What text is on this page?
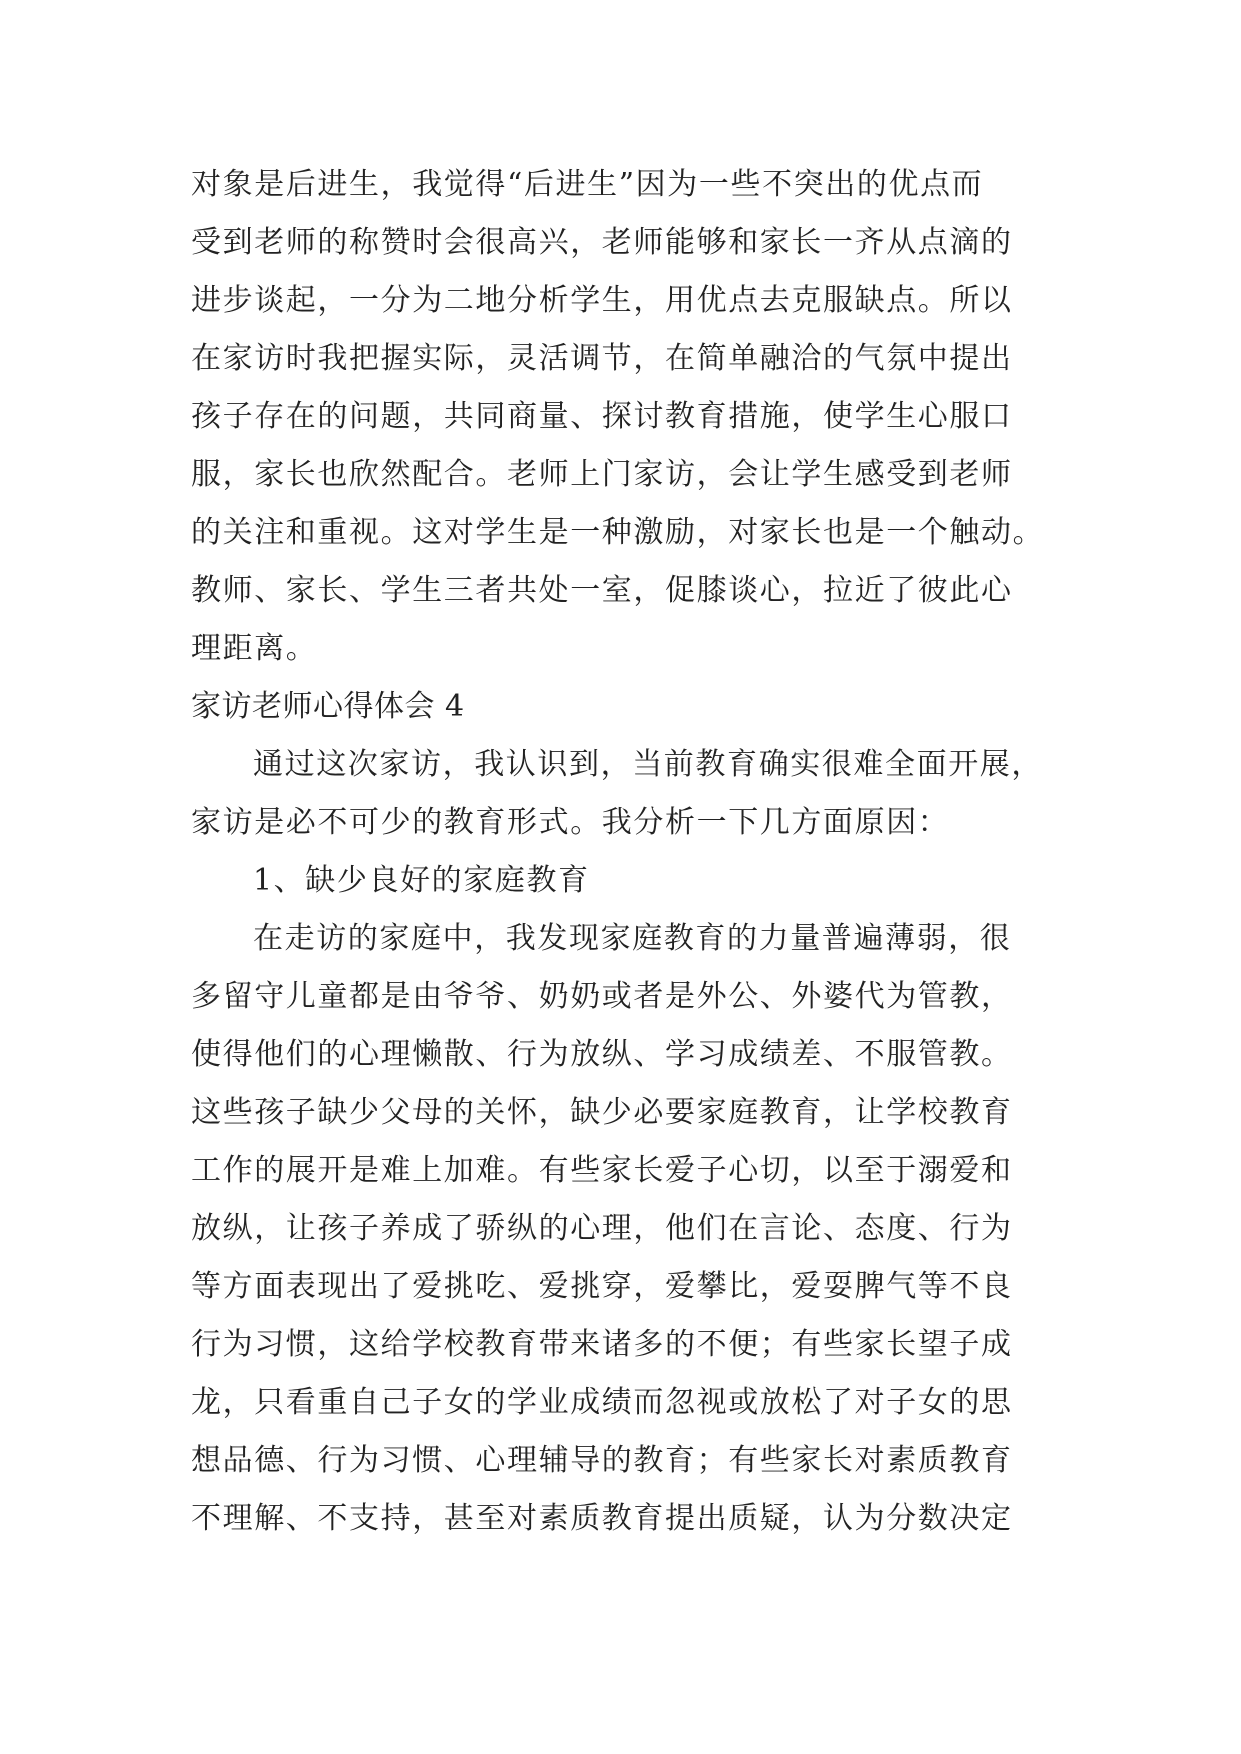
对象是后进生，我觉得“后进生”因为一些不突出的优点而
受到老师的称赞时会很高兴，老师能够和家长一齐从点滴的
进步谈起，一分为二地分析学生，用优点去克服缺点。所以
在家访时我把握实际，灵活调节，在简单融洽的气氛中提出
孩子存在的问题，共同商量、探讨教育措施，使学生心服口
服，家长也欣然配合。老师上门家访，会让学生感受到老师
的关注和重视。这对学生是一种激励，对家长也是一个触动。
教师、家长、学生三者共处一室，促膝谈心，拉近了彼此心
理距离。
家访老师心得体会 4
通过这次家访，我认识到，当前教育确实很难全面开展，
家访是必不可少的教育形式。我分析一下几方面原因：
1、缺少良好的家庭教育
在走访的家庭中，我发现家庭教育的力量普遍薄弱，很
多留守儿童都是由爷爷、奶奶或者是外公、外婆代为管教，
使得他们的心理懒散、行为放纵、学习成绩差、不服管教。
这些孩子缺少父母的关怀，缺少必要家庭教育，让学校教育
工作的展开是难上加难。有些家长爱子心切，以至于溺爱和
放纵，让孩子养成了骄纵的心理，他们在言论、态度、行为
等方面表现出了爱挑吃、爱挑穿，爱攀比，爱耍脾气等不良
行为习惯，这给学校教育带来诸多的不便；有些家长望子成
龙，只看重自己子女的学业成绩而忽视或放松了对子女的思
想品德、行为习惯、心理辅导的教育；有些家长对素质教育
不理解、不支持，甚至对素质教育提出质疑，认为分数决定
